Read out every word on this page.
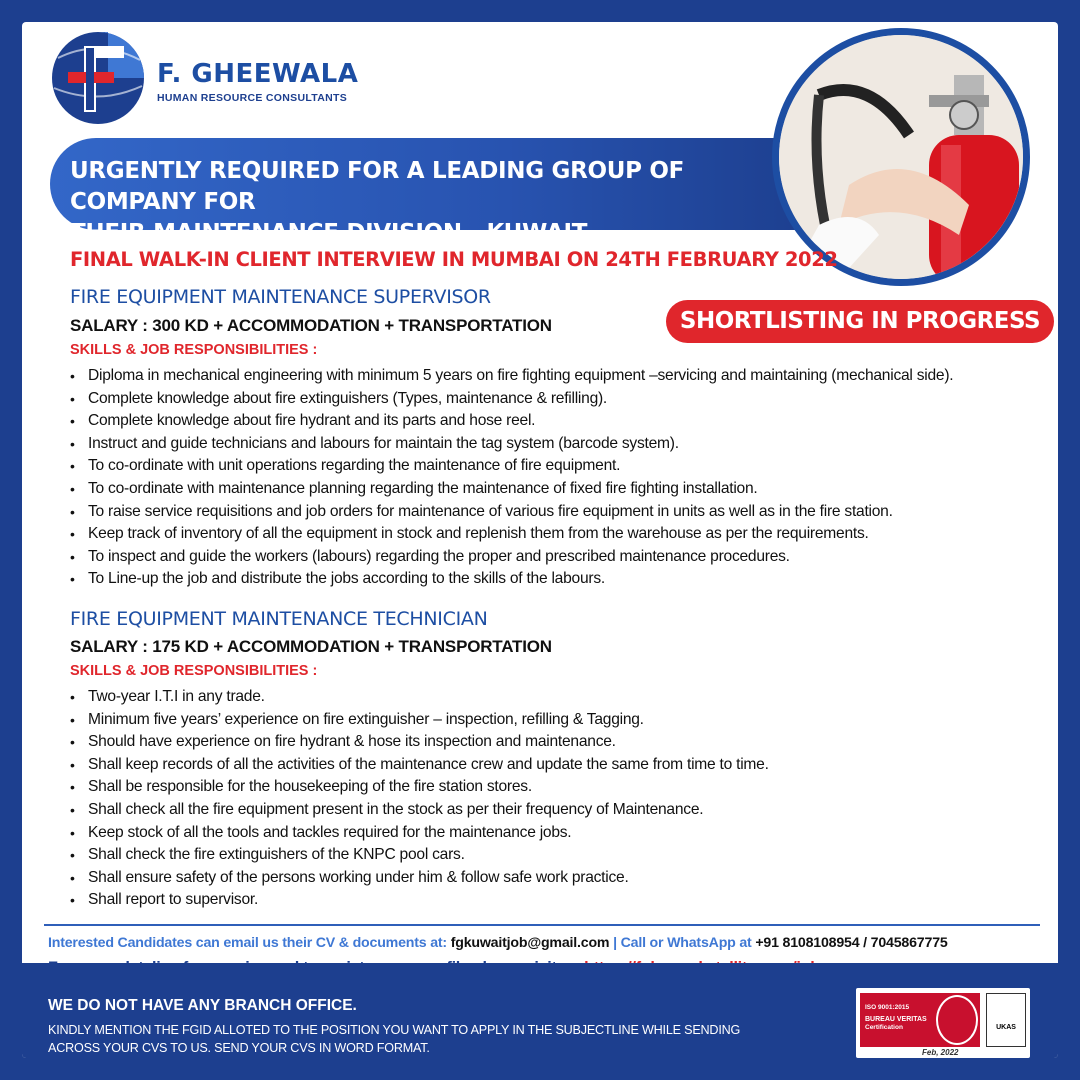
F. GHEEWALA
HUMAN RESOURCE CONSULTANTS
URGENTLY REQUIRED FOR A LEADING GROUP OF COMPANY FOR
THEIR MAINTENANCE DIVISION - KUWAIT
FINAL WALK-IN CLIENT INTERVIEW IN MUMBAI ON 24TH FEBRUARY 2022
SHORTLISTING IN PROGRESS
FIRE EQUIPMENT MAINTENANCE SUPERVISOR
SALARY : 300 KD + ACCOMMODATION + TRANSPORTATION
SKILLS & JOB RESPONSIBILITIES :
• Diploma in mechanical engineering with minimum 5 years on fire fighting equipment –servicing and maintaining (mechanical side).
• Complete knowledge about fire extinguishers (Types, maintenance & refilling).
• Complete knowledge about fire hydrant and its parts and hose reel.
• Instruct and guide technicians and labours for maintain the tag system (barcode system).
• To co-ordinate with unit operations regarding the maintenance of fire equipment.
• To co-ordinate with maintenance planning regarding the maintenance of fixed fire fighting installation.
• To raise service requisitions and job orders for maintenance of various fire equipment in units as well as in the fire station.
• Keep track of inventory of all the equipment in stock and replenish them from the warehouse as per the requirements.
• To inspect and guide the workers (labours) regarding the proper and prescribed maintenance procedures.
• To Line-up the job and distribute the jobs according to the skills of the labours.
FIRE EQUIPMENT MAINTENANCE TECHNICIAN
SALARY : 175 KD + ACCOMMODATION + TRANSPORTATION
SKILLS & JOB RESPONSIBILITIES :
• Two-year I.T.I in any trade.
• Minimum five years’ experience on fire extinguisher – inspection, refilling & Tagging.
• Should have experience on fire hydrant & hose its inspection and maintenance.
• Shall keep records of all the activities of the maintenance crew and update the same from time to time.
• Shall be responsible for the housekeeping of the fire station stores.
• Shall check all the fire equipment present in the stock as per their frequency of Maintenance.
• Keep stock of all the tools and tackles required for the maintenance jobs.
• Shall check the fire extinguishers of the KNPC pool cars.
• Shall ensure safety of the persons working under him & follow safe work practice.
• Shall report to supervisor.
Interested Candidates can email us their CV & documents at: fgkuwaitjob@gmail.com | Call or WhatsApp at +91 8108108954 / 7045867775
WE DO NOT HAVE ANY BRANCH OFFICE.
KINDLY MENTION THE FGID ALLOTED TO THE POSITION YOU WANT TO APPLY IN THE SUBJECTLINE WHILE SENDING ACROSS YOUR CVS TO US. SEND YOUR CVS IN WORD FORMAT.
ISO 9001:2015
BUREAU VERITAS
Certification	UKAS
Feb, 2022
